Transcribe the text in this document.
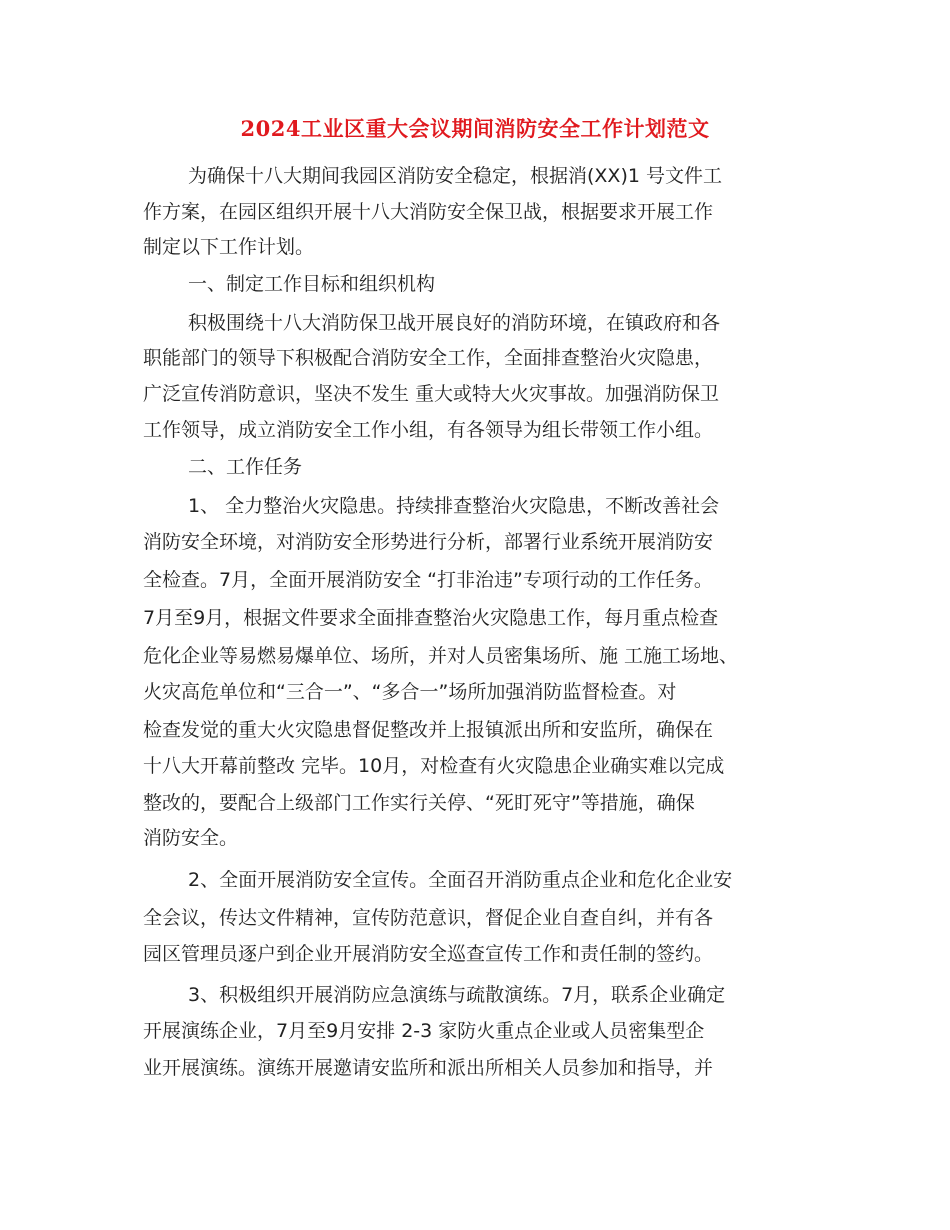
2024工业区重大会议期间消防安全工作计划范文
为确保十八大期间我园区消防安全稳定，根据消(XX)1 号文件工
作方案，在园区组织开展十八大消防安全保卫战，根据要求开展工作
制定以下工作计划。
一、制定工作目标和组织机构
积极围绕十八大消防保卫战开展良好的消防环境，在镇政府和各
职能部门的领导下积极配合消防安全工作，全面排查整治火灾隐患，
广泛宣传消防意识，坚决不发生 重大或特大火灾事故。加强消防保卫
工作领导，成立消防安全工作小组，有各领导为组长带领工作小组。
二、工作任务
1、 全力整治火灾隐患。持续排查整治火灾隐患，不断改善社会
消防安全环境，对消防安全形势进行分析，部署行业系统开展消防安
全检查。7月，全面开展消防安全 “打非治违”专项行动的工作任务。
7月至9月，根据文件要求全面排查整治火灾隐患工作，每月重点检查
危化企业等易燃易爆单位、场所，并对人员密集场所、施 工施工场地、
火灾高危单位和“三合一”、“多合一”场所加强消防监督检查。对
检查发觉的重大火灾隐患督促整改并上报镇派出所和安监所，确保在
十八大开幕前整改 完毕。10月，对检查有火灾隐患企业确实难以完成
整改的，要配合上级部门工作实行关停、“死盯死守”等措施，确保
消防安全。
2、全面开展消防安全宣传。全面召开消防重点企业和危化企业安
全会议，传达文件精神，宣传防范意识，督促企业自查自纠，并有各
园区管理员逐户到企业开展消防安全巡查宣传工作和责任制的签约。
3、积极组织开展消防应急演练与疏散演练。7月，联系企业确定
开展演练企业，7月至9月安排 2-3 家防火重点企业或人员密集型企
业开展演练。演练开展邀请安监所和派出所相关人员参加和指导，并
